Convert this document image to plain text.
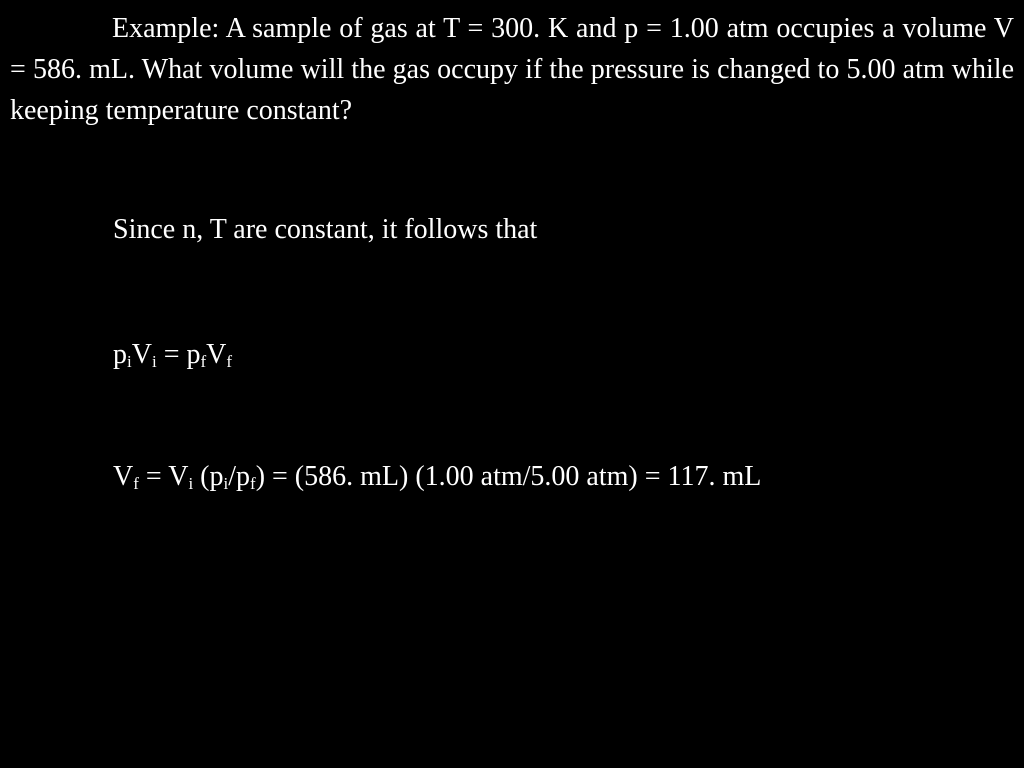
Example: A sample of gas at T = 300. K and p = 1.00 atm occupies a volume V = 586. mL. What volume will the gas occupy if the pressure is changed to 5.00 atm while keeping temperature constant?

Since n, T are constant, it follows that

$p_iV_i = p_fV_f$

$V_f = V_i$ $(p_i/p_f) = (586$. mL) (1.00 atm/5.00 atm) = 117. mL
